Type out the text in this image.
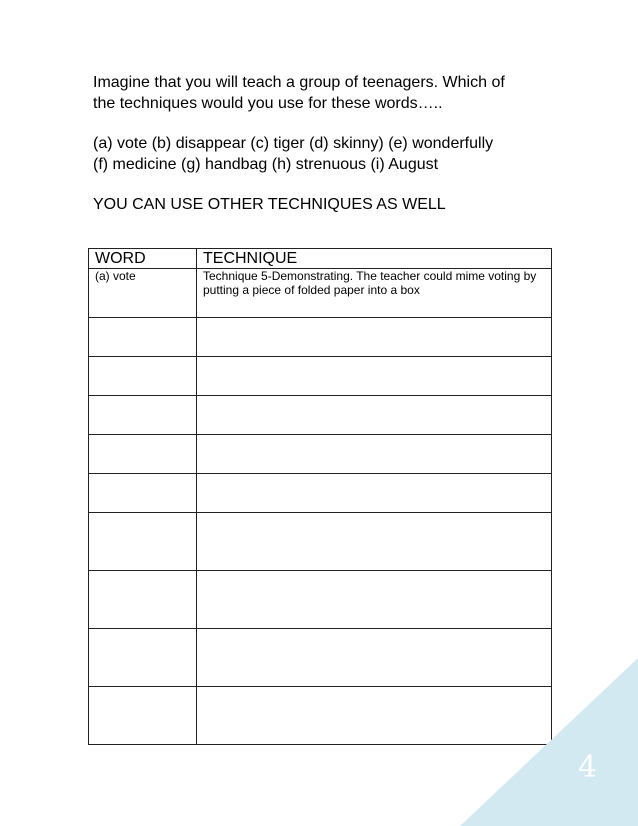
Imagine that you will teach a group of teenagers. Which of

the techniques would you use for these words…..

(a) vote (b) disappear (c) tiger (d) skinny) (e) wonderfully

(f) medicine (g) handbag (h) strenuous (i) August

YOU CAN USE OTHER TECHNIQUES AS WELL

WORD	TECHNIQUE
(a) vote	Technique 5-Demonstrating. The teacher could mime voting by putting a piece of folded paper into a box

4
